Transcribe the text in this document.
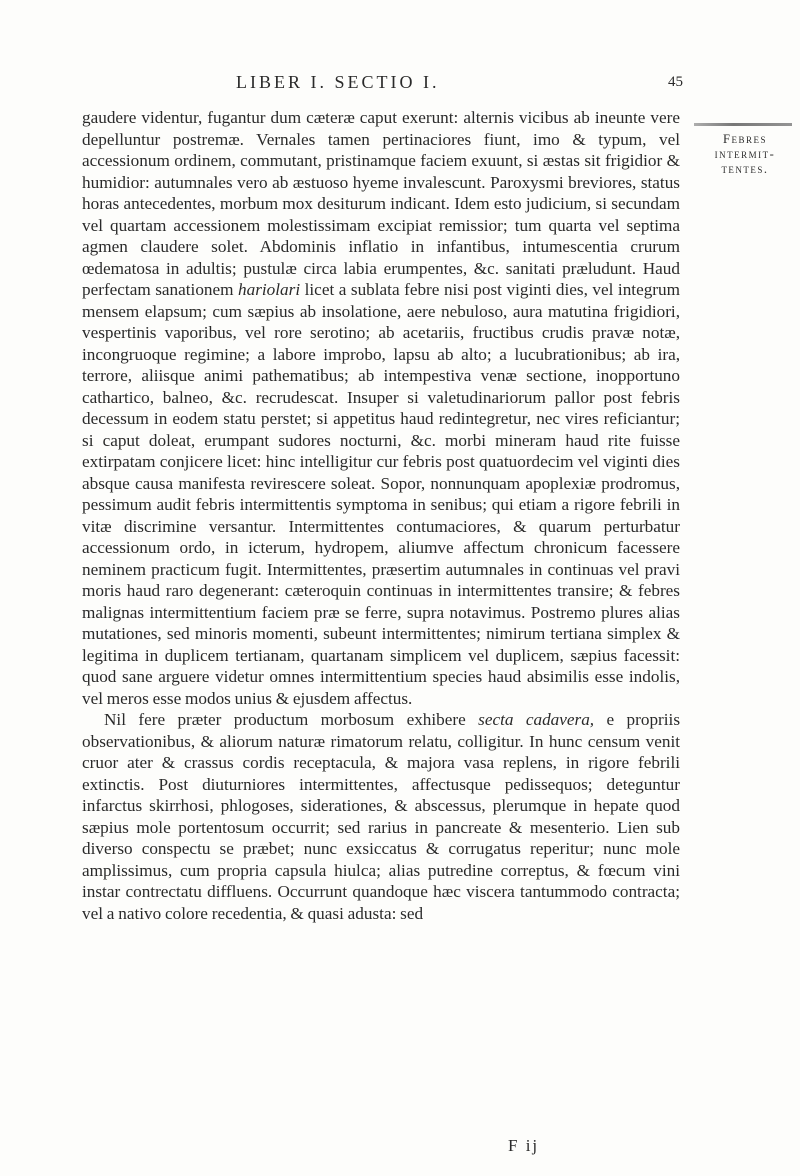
LIBER I. SECTIO I.	45
Febres
intermit-
tentes.

gaudere videntur, fugantur dum cæteræ caput exerunt: alternis vicibus ab ineunte vere depelluntur postremæ. Vernales tamen pertinaciores fiunt, imo & typum, vel accessionum ordinem, commutant, pristinamque faciem exuunt, si æstas sit frigidior & humidior: autumnales vero ab æstuoso hyeme invalescunt. Paroxysmi breviores, status horas antecedentes, morbum mox desiturum indicant. Idem esto judicium, si secundam vel quartam accessionem molestissimam excipiat remissior; tum quarta vel septima agmen claudere solet. Abdominis inflatio in infantibus, intumescentia crurum œdematosa in adultis; pustulæ circa labia erumpentes, &c. sanitati præludunt. Haud perfectam sanationem hariolari licet a sublata febre nisi post viginti dies, vel integrum mensem elapsum; cum sæpius ab insolatione, aere nebuloso, aura matutina frigidiori, vespertinis vaporibus, vel rore serotino; ab acetariis, fructibus crudis pravæ notæ, incongruoque regimine; a labore improbo, lapsu ab alto; a lucubrationibus; ab ira, terrore, aliisque animi pathematibus; ab intempestiva venæ sectione, inopportuno cathartico, balneo, &c. recrudescat. Insuper si valetudinariorum pallor post febris decessum in eodem statu perstet; si appetitus haud redintegretur, nec vires reficiantur; si caput doleat, erumpant sudores nocturni, &c. morbi mineram haud rite fuisse extirpatam conjicere licet: hinc intelligitur cur febris post quatuordecim vel viginti dies absque causa manifesta revirescere soleat. Sopor, nonnunquam apoplexiæ prodromus, pessimum audit febris intermittentis symptoma in senibus; qui etiam a rigore febrili in vitæ discrimine versantur. Intermittentes contumaciores, & quarum perturbatur accessionum ordo, in icterum, hydropem, aliumve affectum chronicum facessere neminem practicum fugit. Intermittentes, præsertim autumnales in continuas vel pravi moris haud raro degenerant: cæteroquin continuas in intermittentes transire; & febres malignas intermittentium faciem præ se ferre, supra notavimus. Postremo plures alias mutationes, sed minoris momenti, subeunt intermittentes; nimirum tertiana simplex & legitima in duplicem tertianam, quartanam simplicem vel duplicem, sæpius facessit: quod sane arguere videtur omnes intermittentium species haud absimilis esse indolis, vel meros esse modos unius & ejusdem affectus.

Nil fere præter productum morbosum exhibere secta cadavera, e propriis observationibus, & aliorum naturæ rimatorum relatu, colligitur. In hunc censum venit cruor ater & crassus cordis receptacula, & majora vasa replens, in rigore febrili extinctis. Post diuturniores intermittentes, affectusque pedissequos; deteguntur infarctus skirrhosi, phlogoses, siderationes, & abscessus, plerumque in hepate quod sæpius mole portentosum occurrit; sed rarius in pancreate & mesenterio. Lien sub diverso conspectu se præbet; nunc exsiccatus & corrugatus reperitur; nunc mole amplissimus, cum propria capsula hiulca; alias putredine correptus, & fœcum vini instar contrectatu diffluens. Occurrunt quandoque hæc viscera tantummodo contracta; vel a nativo colore recedentia, & quasi adusta: sed

F ij
